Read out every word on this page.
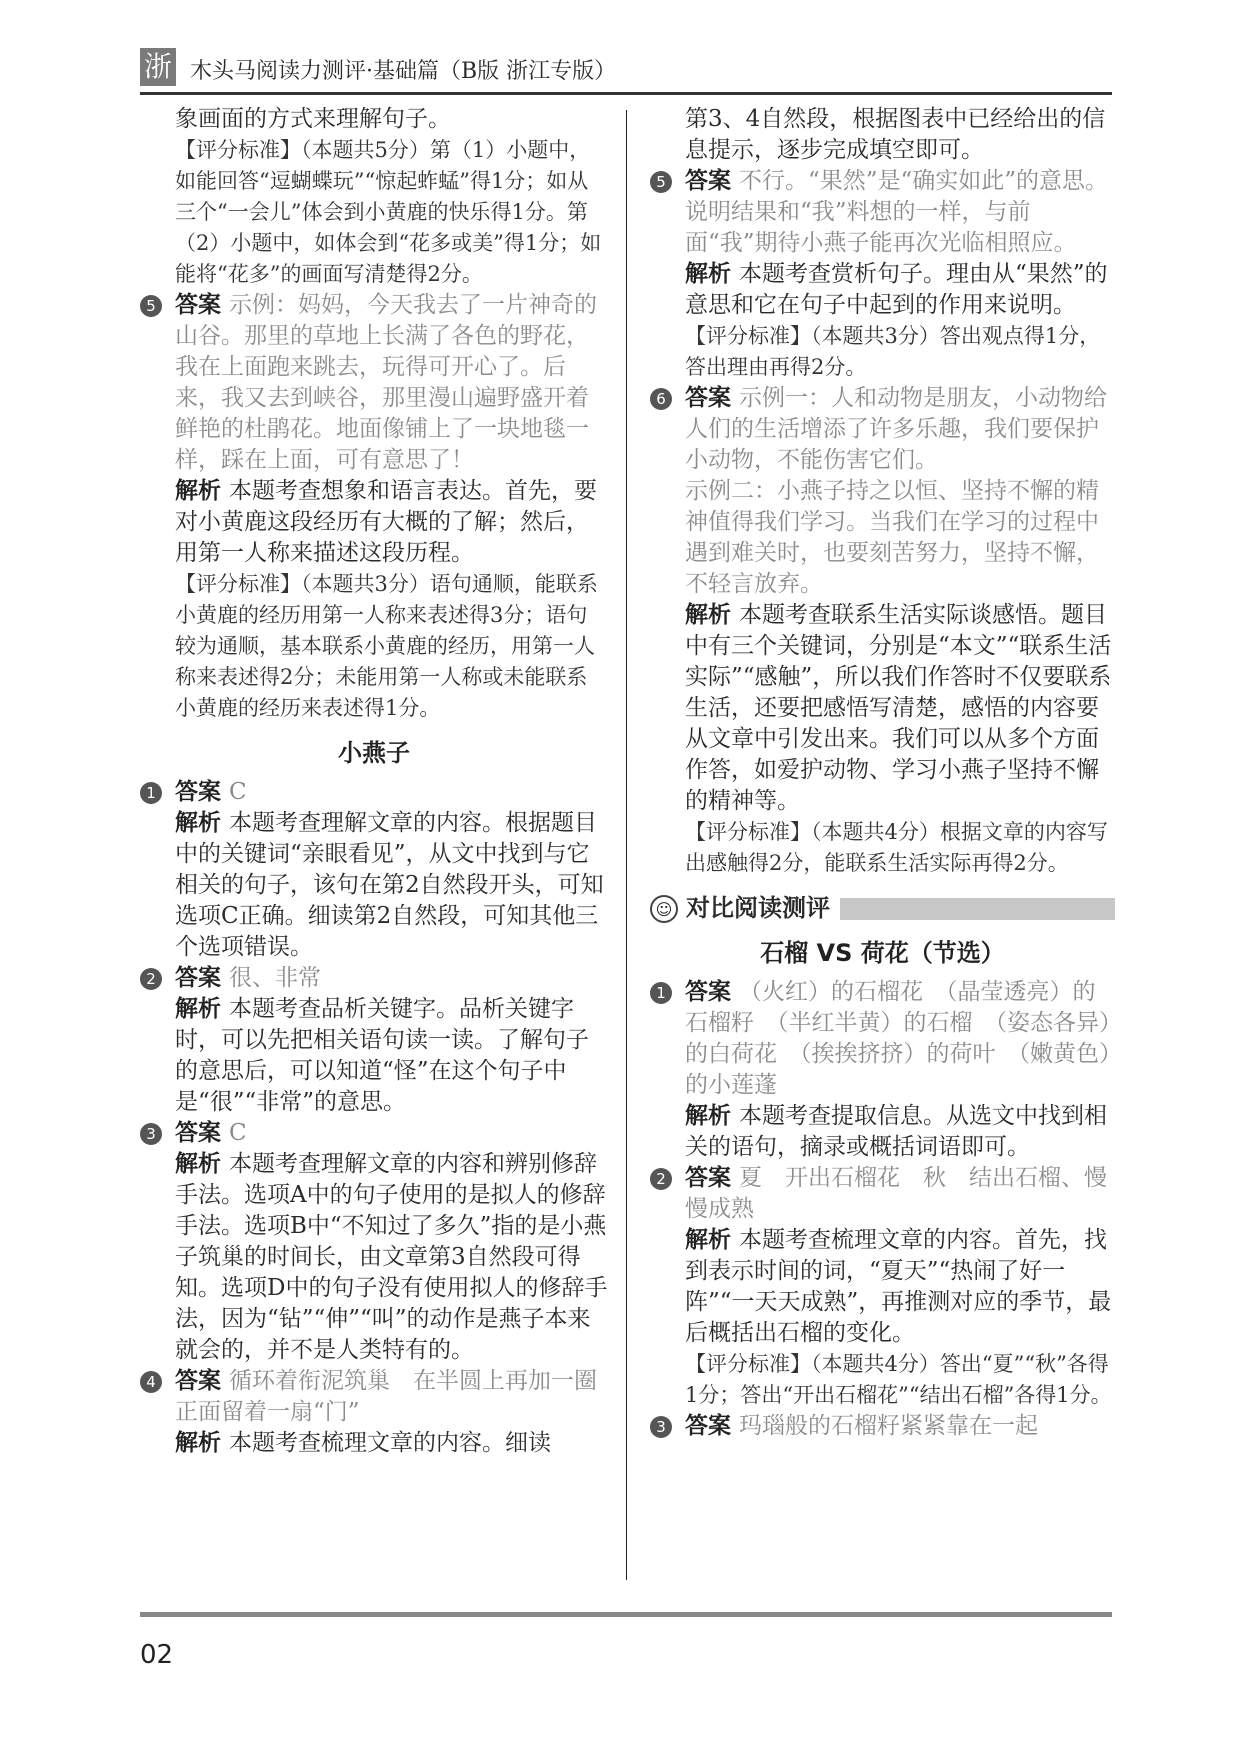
浙 木头马阅读力测评·基础篇（B版 浙江专版）

象画面的方式来理解句子。

【评分标准】（本题共5分）第（1）小题中，如能回答“逗蝴蝶玩”“惊起蚱蜢”得1分；如从三个“一会儿”体会到小黄鹿的快乐得1分。第（2）小题中，如体会到“花多或美”得1分；如能将“花多”的画面写清楚得2分。

5 答案 示例：妈妈，今天我去了一片神奇的山谷。那里的草地上长满了各色的野花，我在上面跑来跳去，玩得可开心了。后来，我又去到峡谷，那里漫山遍野盛开着鲜艳的杜鹃花。地面像铺上了一块地毯一样，踩在上面，可有意思了！

解析 本题考查想象和语言表达。首先，要对小黄鹿这段经历有大概的了解；然后，用第一人称来描述这段历程。

【评分标准】（本题共3分）语句通顺，能联系小黄鹿的经历用第一人称来表述得3分；语句较为通顺，基本联系小黄鹿的经历，用第一人称来表述得2分；未能用第一人称或未能联系小黄鹿的经历来表述得1分。

小燕子
1 答案 C

解析 本题考查理解文章的内容。根据题目中的关键词“亲眼看见”，从文中找到与它相关的句子，该句在第2自然段开头，可知选项C正确。细读第2自然段，可知其他三个选项错误。

2 答案 很、非常

解析 本题考查品析关键字。品析关键字时，可以先把相关语句读一读。了解句子的意思后，可以知道“怪”在这个句子中是“很”“非常”的意思。

3 答案 C

解析 本题考查理解文章的内容和辨别修辞手法。选项A中的句子使用的是拟人的修辞手法。选项B中“不知过了多久”指的是小燕子筑巢的时间长，由文章第3自然段可得知。选项D中的句子没有使用拟人的修辞手法，因为“钻”“伸”“叫”的动作是燕子本来就会的，并不是人类特有的。

4 答案 循环着衔泥筑巢　在半圆上再加一圈　正面留着一扇“门”

解析 本题考查梳理文章的内容。细读

第3、4自然段，根据图表中已经给出的信息提示，逐步完成填空即可。

5 答案 不行。“果然”是“确实如此”的意思。说明结果和“我”料想的一样，与前面“我”期待小燕子能再次光临相照应。

解析 本题考查赏析句子。理由从“果然”的意思和它在句子中起到的作用来说明。

【评分标准】（本题共3分）答出观点得1分，答出理由再得2分。

6 答案 示例一：人和动物是朋友，小动物给人们的生活增添了许多乐趣，我们要保护小动物，不能伤害它们。

示例二：小燕子持之以恒、坚持不懈的精神值得我们学习。当我们在学习的过程中遇到难关时，也要刻苦努力，坚持不懈，不轻言放弃。

解析 本题考查联系生活实际谈感悟。题目中有三个关键词，分别是“本文”“联系生活实际”“感触”，所以我们作答时不仅要联系生活，还要把感悟写清楚，感悟的内容要从文章中引发出来。我们可以从多个方面作答，如爱护动物、学习小燕子坚持不懈的精神等。

【评分标准】（本题共4分）根据文章的内容写出感触得2分，能联系生活实际再得2分。

☺ 对比阅读测评
石榴 VS 荷花（节选）
1 答案 （火红）的石榴花　（晶莹透亮）的石榴籽　（半红半黄）的石榴　（姿态各异）的白荷花　（挨挨挤挤）的荷叶　（嫩黄色）的小莲蓬

解析 本题考查提取信息。从选文中找到相关的语句，摘录或概括词语即可。

2 答案 夏　开出石榴花　秋　结出石榴、慢慢成熟

解析 本题考查梳理文章的内容。首先，找到表示时间的词，“夏天”“热闹了好一阵”“一天天成熟”，再推测对应的季节，最后概括出石榴的变化。

【评分标准】（本题共4分）答出“夏”“秋”各得1分；答出“开出石榴花”“结出石榴”各得1分。

3 答案 玛瑙般的石榴籽紧紧靠在一起

02
